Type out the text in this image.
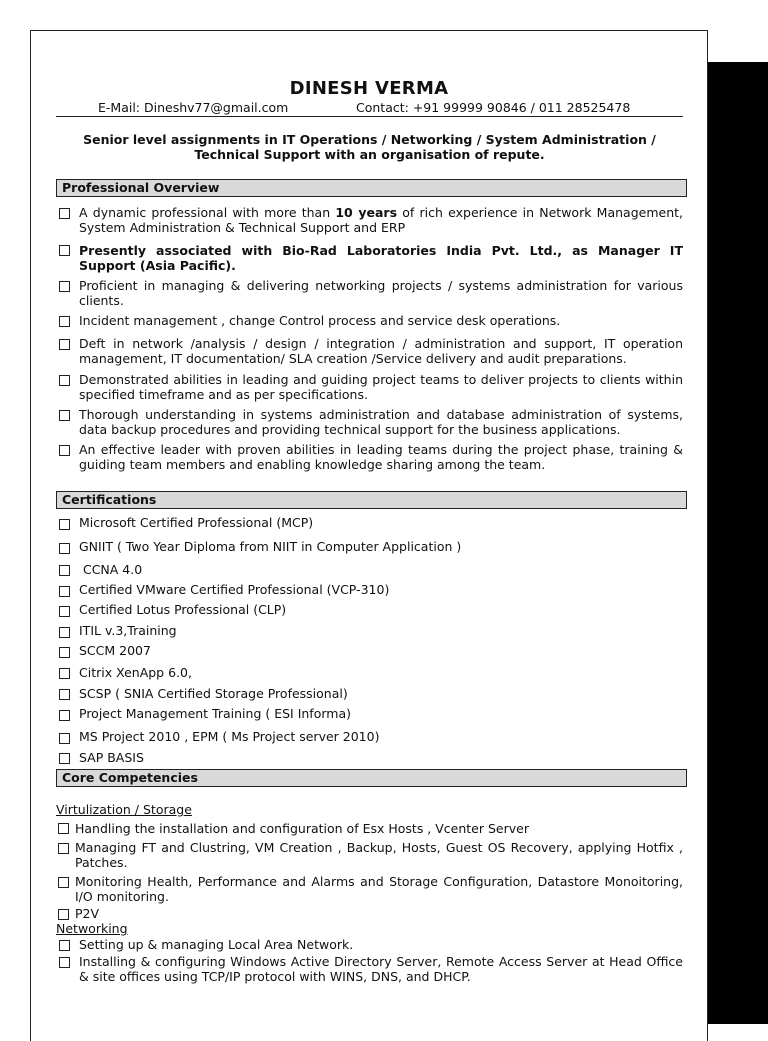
DINESH VERMA
E-Mail: Dineshv77@gmail.com	Contact: +91 99999 90846 / 011 28525478
Senior level assignments in IT Operations / Networking / System Administration / Technical Support with an organisation of repute.
Professional Overview
A dynamic professional with more than 10 years of rich experience in Network Management, System Administration & Technical Support and ERP
Presently associated with Bio-Rad Laboratories India Pvt. Ltd., as Manager IT Support (Asia Pacific).
Proficient in managing & delivering networking projects / systems administration for various clients.
Incident management , change Control process and service desk operations.
Deft in network /analysis / design / integration / administration and support, IT operation management, IT documentation/ SLA creation /Service delivery and audit preparations.
Demonstrated abilities in leading and guiding project teams to deliver projects to clients within specified timeframe and as per specifications.
Thorough understanding in systems administration and database administration of systems, data backup procedures and providing technical support for the business applications.
An effective leader with proven abilities in leading teams during the project phase, training & guiding team members and enabling knowledge sharing among the team.
Certifications
Microsoft Certified Professional (MCP)
GNIIT ( Two Year Diploma from NIIT in Computer Application )
CCNA 4.0
Certified VMware Certified Professional (VCP-310)
Certified Lotus Professional (CLP)
ITIL v.3,Training
SCCM 2007
Citrix XenApp 6.0,
SCSP ( SNIA Certified Storage Professional)
Project Management Training ( ESI Informa)
MS Project 2010 , EPM ( Ms Project server 2010)
SAP BASIS
Core Competencies
Virtulization / Storage
Handling the installation and configuration of Esx Hosts , Vcenter Server
Managing FT and Clustring, VM Creation , Backup, Hosts, Guest OS Recovery, applying Hotfix , Patches.
Monitoring Health, Performance and Alarms and Storage Configuration, Datastore Monoitoring, I/O monitoring.
P2V
Networking
Setting up & managing Local Area Network.
Installing & configuring Windows Active Directory Server, Remote Access Server at Head Office & site offices using TCP/IP protocol with WINS, DNS, and DHCP.
